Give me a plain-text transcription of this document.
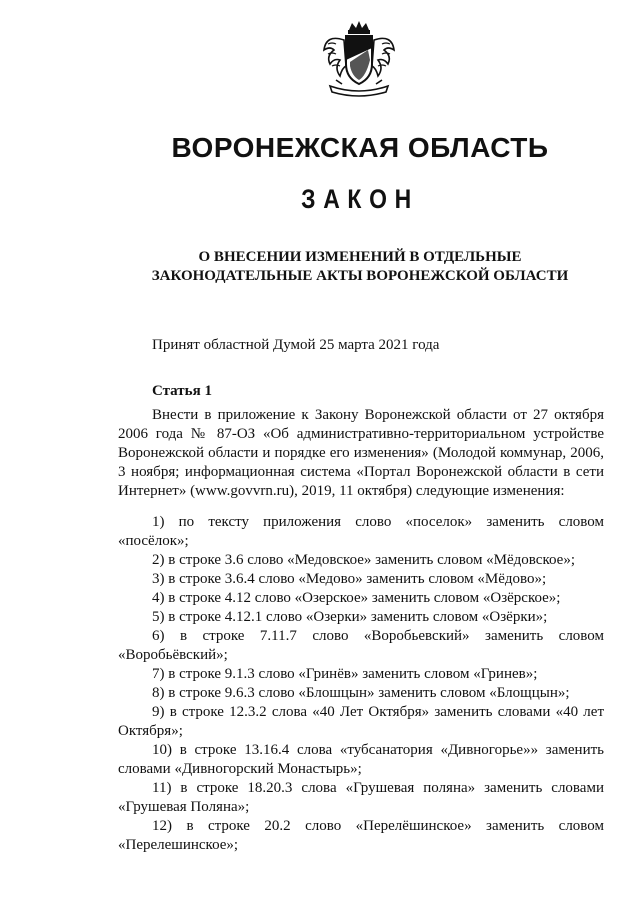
ВОРОНЕЖСКАЯ ОБЛАСТЬ
ЗАКОН
О ВНЕСЕНИИ ИЗМЕНЕНИЙ В ОТДЕЛЬНЫЕ ЗАКОНОДАТЕЛЬНЫЕ АКТЫ ВОРОНЕЖСКОЙ ОБЛАСТИ
Принят областной Думой 25 марта 2021 года
Статья 1

Внести в приложение к Закону Воронежской области от 27 октября 2006 года № 87-ОЗ «Об административно-территориальном устройстве Воронежской области и порядке его изменения» (Молодой коммунар, 2006, 3 ноября; информационная система «Портал Воронежской области в сети Интернет» (www.govvrn.ru), 2019, 11 октября) следующие изменения:

1) по тексту приложения слово «поселок» заменить словом «посёлок»;

2) в строке 3.6 слово «Медовское» заменить словом «Мёдовское»;

3) в строке 3.6.4 слово «Медово» заменить словом «Мёдово»;

4) в строке 4.12 слово «Озерское» заменить словом «Озёрское»;

5) в строке 4.12.1 слово «Озерки» заменить словом «Озёрки»;

6) в строке 7.11.7 слово «Воробьевский» заменить словом «Воробьёвский»;

7) в строке 9.1.3 слово «Гринёв» заменить словом «Гринев»;

8) в строке 9.6.3 слово «Блошцын» заменить словом «Блощцын»;

9) в строке 12.3.2 слова «40 Лет Октября» заменить словами «40 лет Октября»;

10) в строке 13.16.4 слова «тубсанатория «Дивногорье»» заменить словами «Дивногорский Монастырь»;

11) в строке 18.20.3 слова «Грушевая поляна» заменить словами «Грушевая Поляна»;

12) в строке 20.2 слово «Перелёшинское» заменить словом «Перелешинское»;
